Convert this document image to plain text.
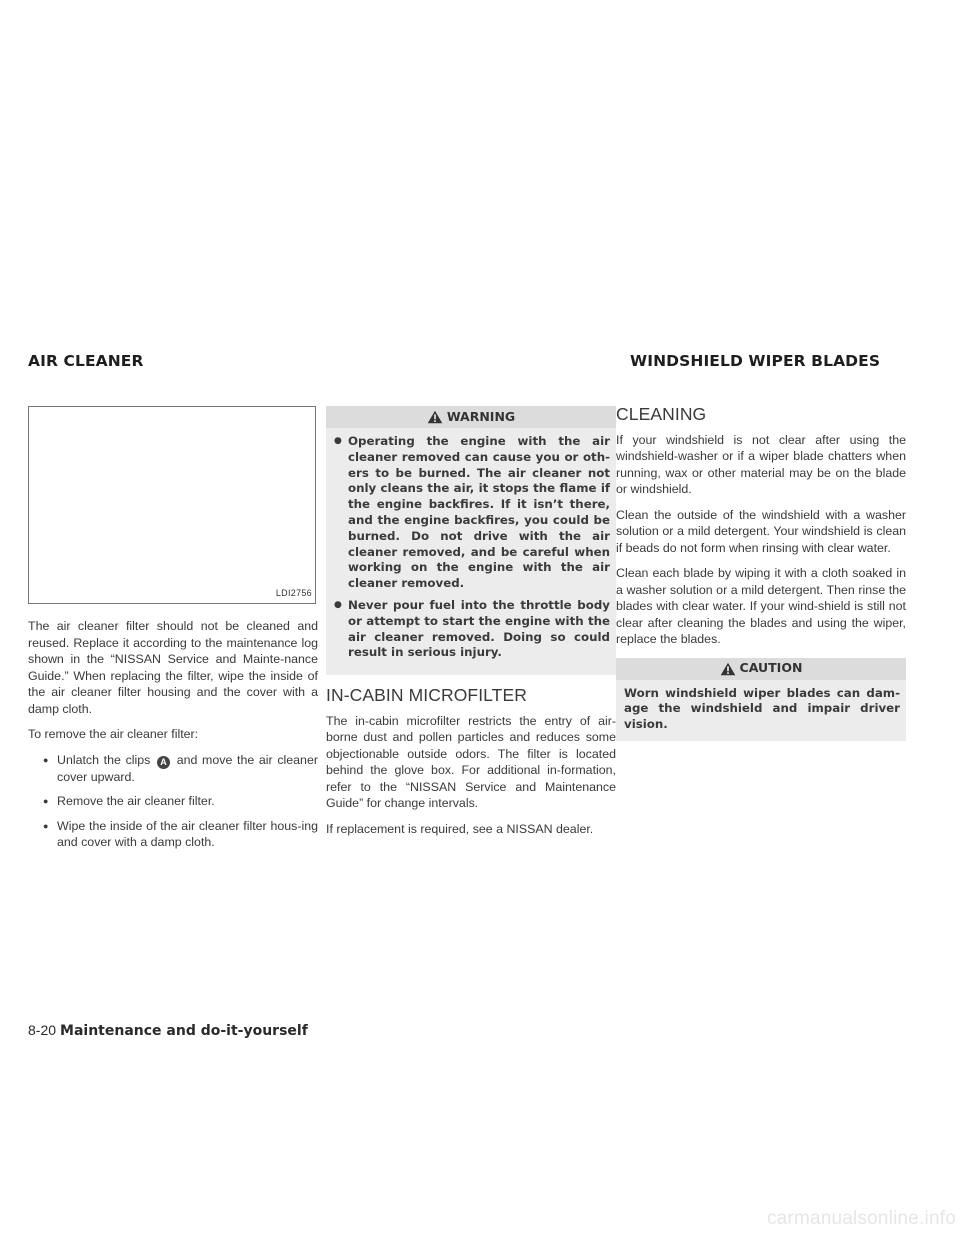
AIR CLEANER	WINDSHIELD WIPER BLADES
LDI2756

The air cleaner filter should not be cleaned and reused. Replace it according to the maintenance log shown in the “NISSAN Service and Mainte-nance Guide.” When replacing the filter, wipe the inside of the air cleaner filter housing and the cover with a damp cloth.

To remove the air cleaner filter:

● Unlatch the clips A and move the air cleaner cover upward.
● Remove the air cleaner filter.
● Wipe the inside of the air cleaner filter hous-ing and cover with a damp cloth.
WARNING
● Operating the engine with the air cleaner removed can cause you or oth-ers to be burned. The air cleaner not only cleans the air, it stops the flame if the engine backfires. If it isn’t there, and the engine backfires, you could be burned. Do not drive with the air cleaner removed, and be careful when working on the engine with the air cleaner removed.
● Never pour fuel into the throttle body or attempt to start the engine with the air cleaner removed. Doing so could result in serious injury.
IN-CABIN MICROFILTER

The in-cabin microfilter restricts the entry of air-borne dust and pollen particles and reduces some objectionable outside odors. The filter is located behind the glove box. For additional in-formation, refer to the “NISSAN Service and Maintenance Guide” for change intervals.

If replacement is required, see a NISSAN dealer.

CLEANING

If your windshield is not clear after using the windshield-washer or if a wiper blade chatters when running, wax or other material may be on the blade or windshield.

Clean the outside of the windshield with a washer solution or a mild detergent. Your windshield is clean if beads do not form when rinsing with clear water.

Clean each blade by wiping it with a cloth soaked in a washer solution or a mild detergent. Then rinse the blades with clear water. If your wind-shield is still not clear after cleaning the blades and using the wiper, replace the blades.

CAUTION
Worn windshield wiper blades can dam-age the windshield and impair driver vision.
8-20 Maintenance and do-it-yourself
carmanualsonline.info
